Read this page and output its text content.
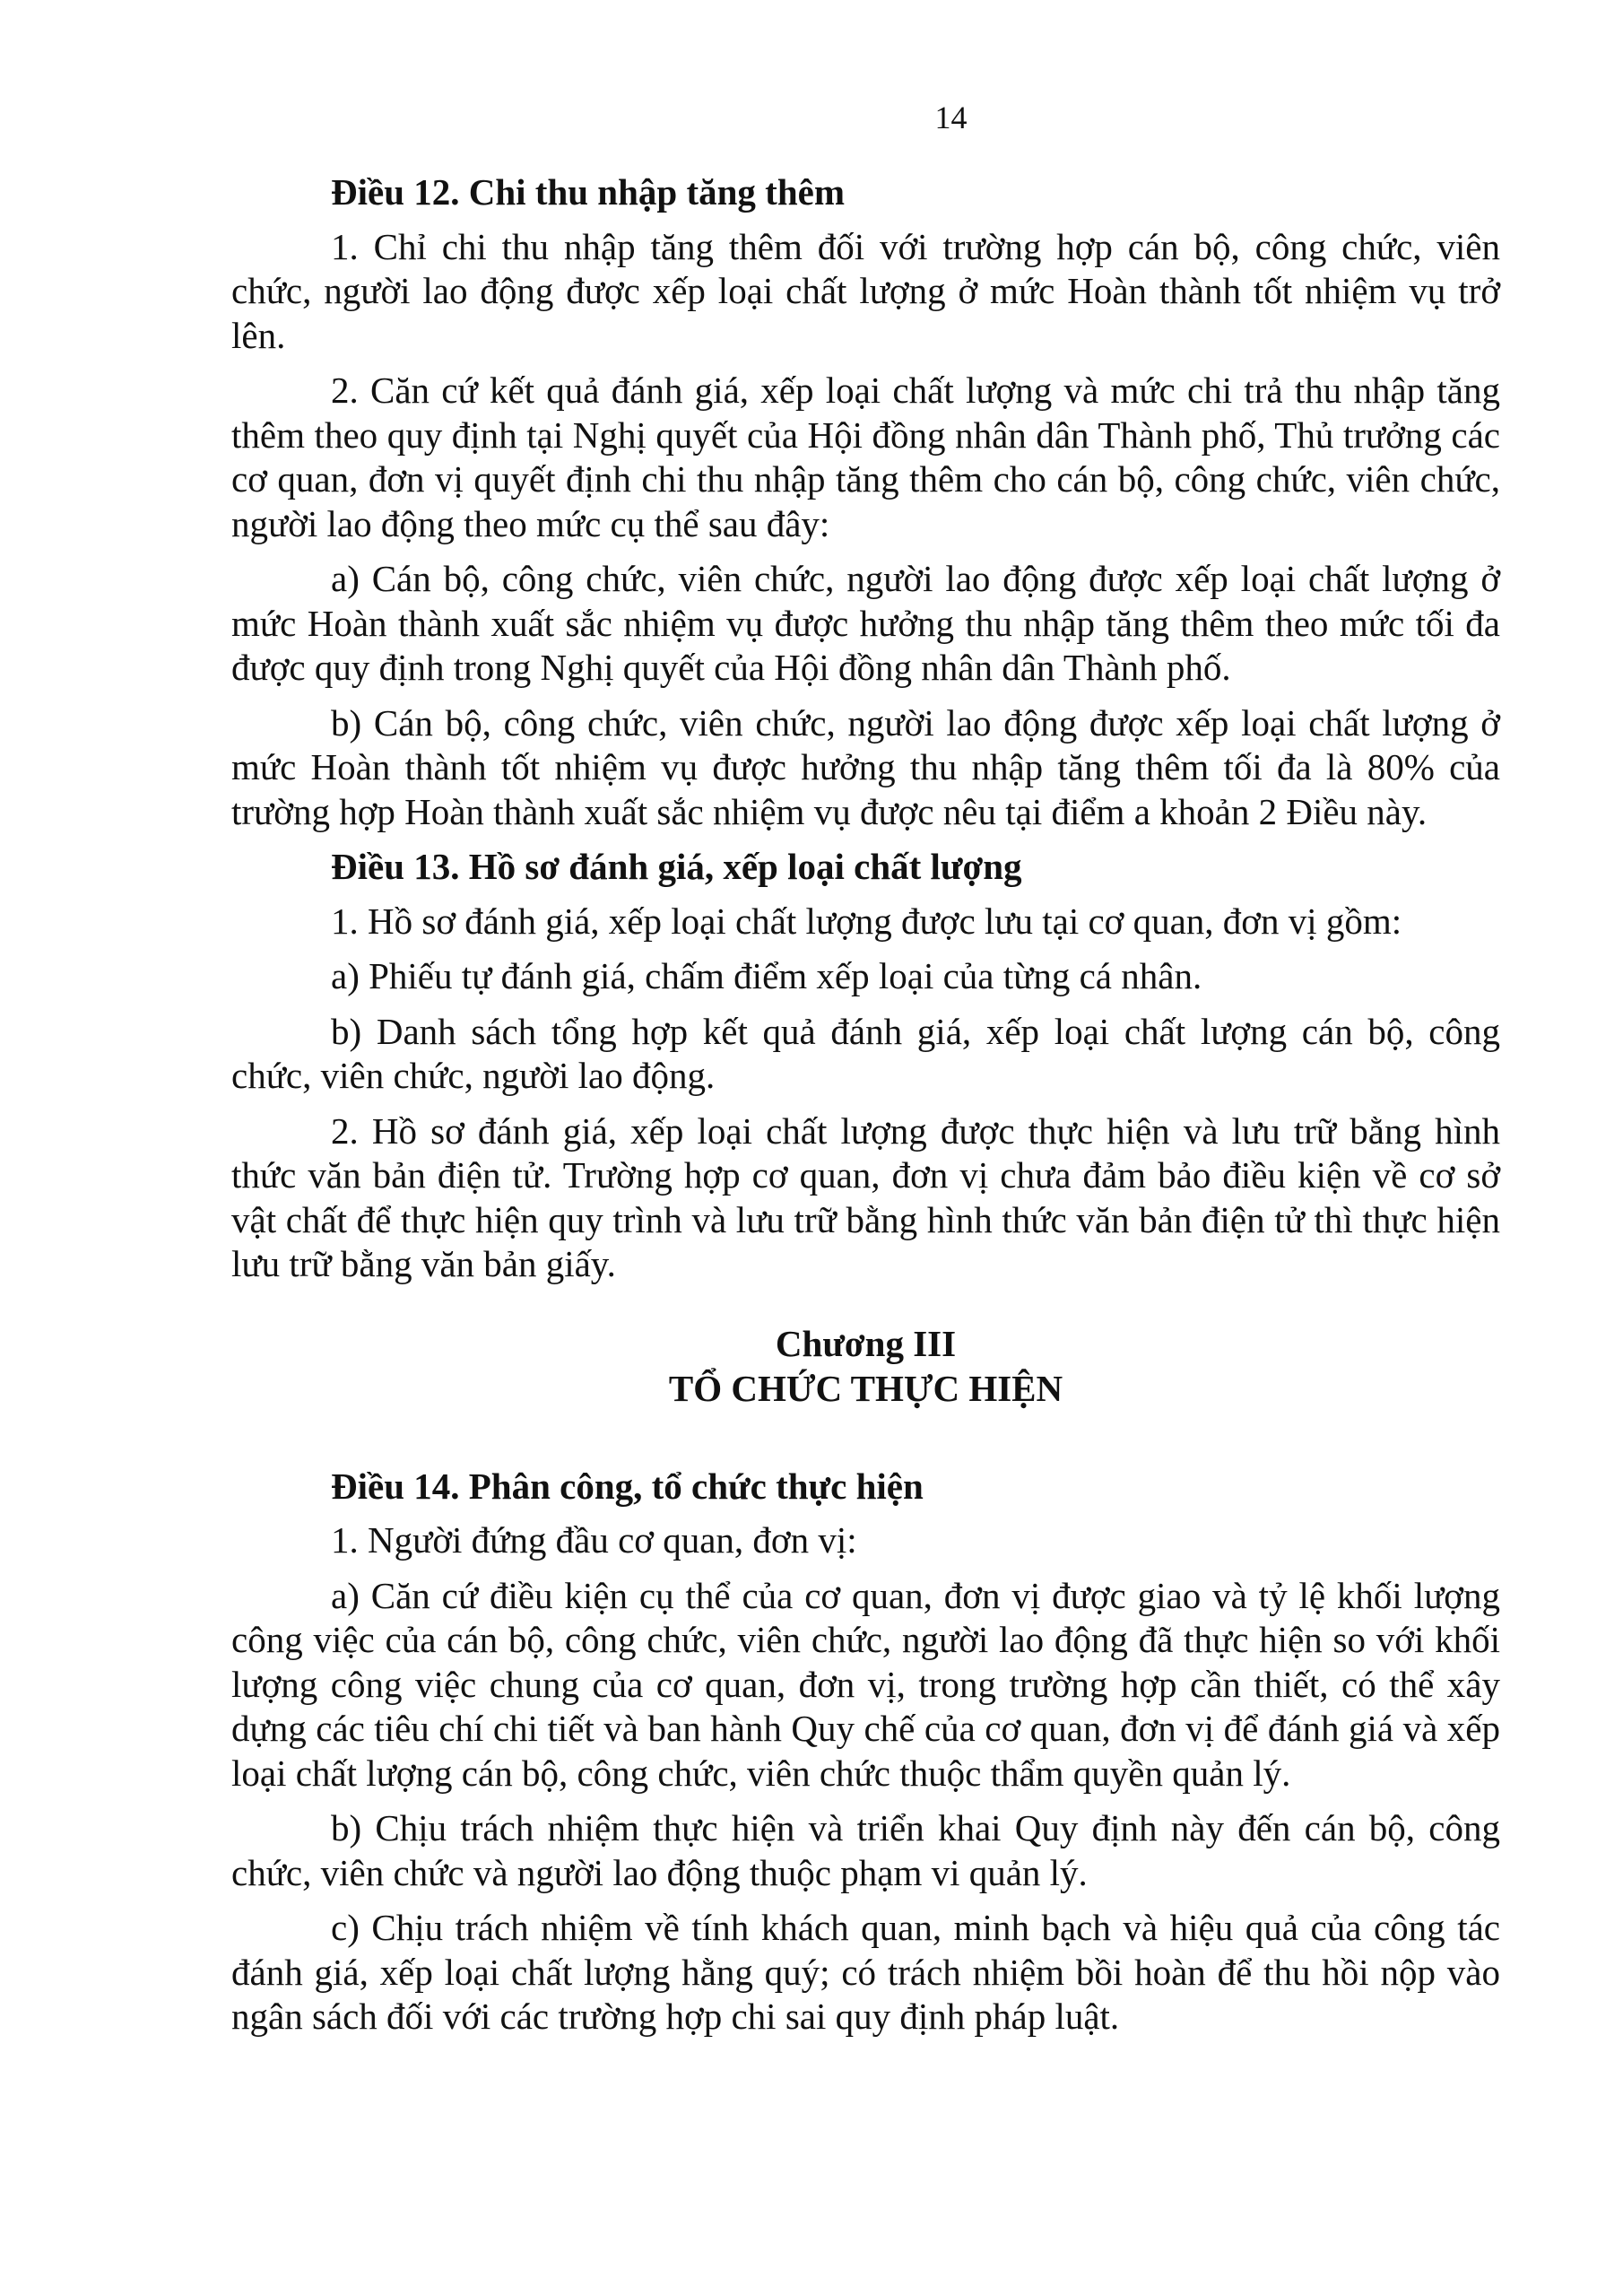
14

Điều 12. Chi thu nhập tăng thêm

1. Chỉ chi thu nhập tăng thêm đối với trường hợp cán bộ, công chức, viên chức, người lao động được xếp loại chất lượng ở mức Hoàn thành tốt nhiệm vụ trở lên.

2. Căn cứ kết quả đánh giá, xếp loại chất lượng và mức chi trả thu nhập tăng thêm theo quy định tại Nghị quyết của Hội đồng nhân dân Thành phố, Thủ trưởng các cơ quan, đơn vị quyết định chi thu nhập tăng thêm cho cán bộ, công chức, viên chức, người lao động theo mức cụ thể sau đây:

a) Cán bộ, công chức, viên chức, người lao động được xếp loại chất lượng ở mức Hoàn thành xuất sắc nhiệm vụ được hưởng thu nhập tăng thêm theo mức tối đa được quy định trong Nghị quyết của Hội đồng nhân dân Thành phố.

b) Cán bộ, công chức, viên chức, người lao động được xếp loại chất lượng ở mức Hoàn thành tốt nhiệm vụ được hưởng thu nhập tăng thêm tối đa là 80% của trường hợp Hoàn thành xuất sắc nhiệm vụ được nêu tại điểm a khoản 2 Điều này.

Điều 13. Hồ sơ đánh giá, xếp loại chất lượng

1. Hồ sơ đánh giá, xếp loại chất lượng được lưu tại cơ quan, đơn vị gồm:

a) Phiếu tự đánh giá, chấm điểm xếp loại của từng cá nhân.

b) Danh sách tổng hợp kết quả đánh giá, xếp loại chất lượng cán bộ, công chức, viên chức, người lao động.

2. Hồ sơ đánh giá, xếp loại chất lượng được thực hiện và lưu trữ bằng hình thức văn bản điện tử. Trường hợp cơ quan, đơn vị chưa đảm bảo điều kiện về cơ sở vật chất để thực hiện quy trình và lưu trữ bằng hình thức văn bản điện tử thì thực hiện lưu trữ bằng văn bản giấy.

Chương III
TỔ CHỨC THỰC HIỆN

Điều 14. Phân công, tổ chức thực hiện

1. Người đứng đầu cơ quan, đơn vị:

a) Căn cứ điều kiện cụ thể của cơ quan, đơn vị được giao và tỷ lệ khối lượng công việc của cán bộ, công chức, viên chức, người lao động đã thực hiện so với khối lượng công việc chung của cơ quan, đơn vị, trong trường hợp cần thiết, có thể xây dựng các tiêu chí chi tiết và ban hành Quy chế của cơ quan, đơn vị để đánh giá và xếp loại chất lượng cán bộ, công chức, viên chức thuộc thẩm quyền quản lý.

b) Chịu trách nhiệm thực hiện và triển khai Quy định này đến cán bộ, công chức, viên chức và người lao động thuộc phạm vi quản lý.

c) Chịu trách nhiệm về tính khách quan, minh bạch và hiệu quả của công tác đánh giá, xếp loại chất lượng hằng quý; có trách nhiệm bồi hoàn để thu hồi nộp vào ngân sách đối với các trường hợp chi sai quy định pháp luật.
